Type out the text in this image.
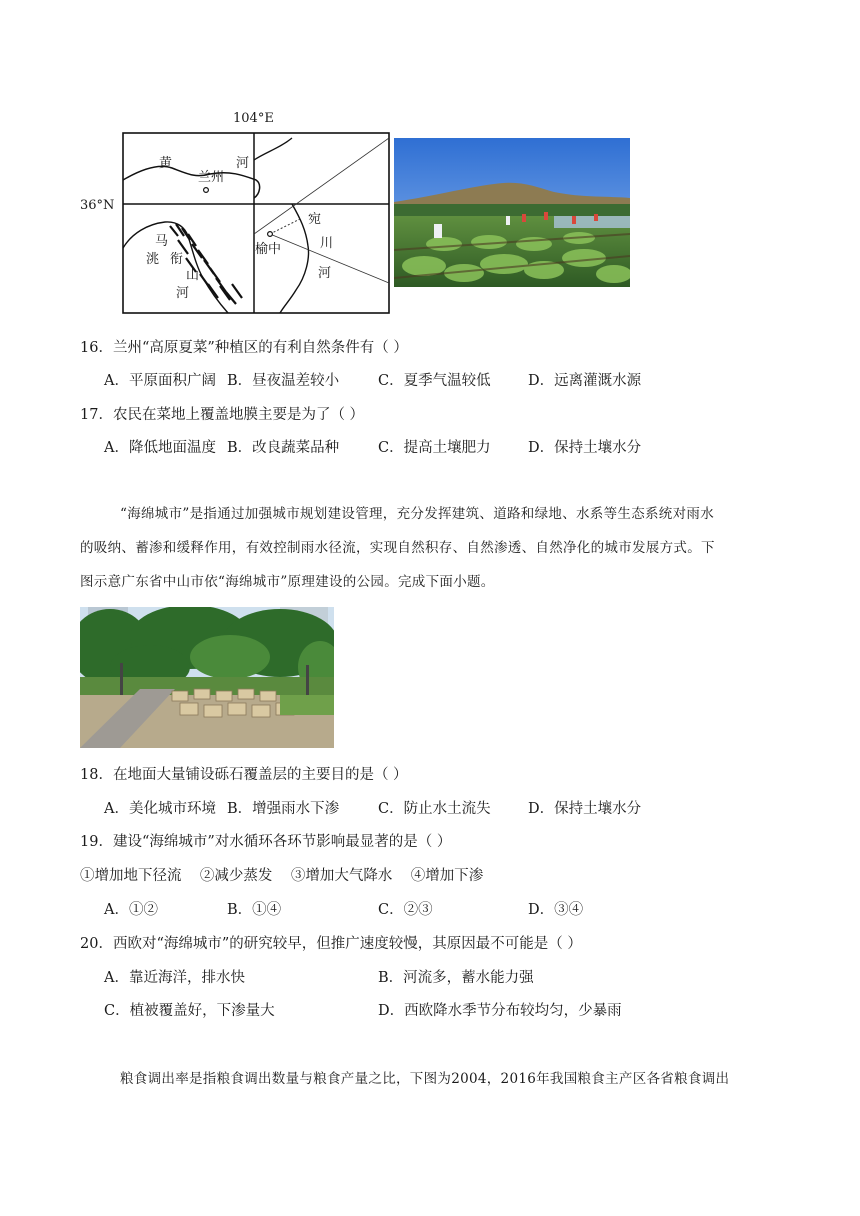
104°E
36°N
黄	河
兰州
马
洮 衔
山
河
宛
榆中	川
河
16．兰州“高原夏菜”种植区的有利自然条件有（ ）
A．平原面积广阔 B．昼夜温差较小	C．夏季气温较低	D．远离灌溉水源
17．农民在菜地上覆盖地膜主要是为了（ ）
A．降低地面温度 B．改良蔬菜品种	C．提高土壤肥力	D．保持土壤水分
“海绵城市”是指通过加强城市规划建设管理，充分发挥建筑、道路和绿地、水系等生态系统对雨水
的吸纳、蓄渗和缓释作用，有效控制雨水径流，实现自然积存、自然渗透、自然净化的城市发展方式。下
图示意广东省中山市依“海绵城市”原理建设的公园。完成下面小题。
18．在地面大量铺设砾石覆盖层的主要目的是（ ）
A．美化城市环境 B．增强雨水下渗	C．防止水土流失	D．保持土壤水分
19．建设“海绵城市”对水循环各环节影响最显著的是（ ）
①增加地下径流    ②减少蒸发    ③增加大气降水    ④增加下渗
A．①②	B．①④	C．②③	D．③④
20．西欧对“海绵城市”的研究较早，但推广速度较慢，其原因最不可能是（ ）
A．靠近海洋，排水快	B．河流多，蓄水能力强
C．植被覆盖好，下渗量大	D．西欧降水季节分布较均匀，少暴雨
粮食调出率是指粮食调出数量与粮食产量之比，下图为2004，2016年我国粮食主产区各省粮食调出
